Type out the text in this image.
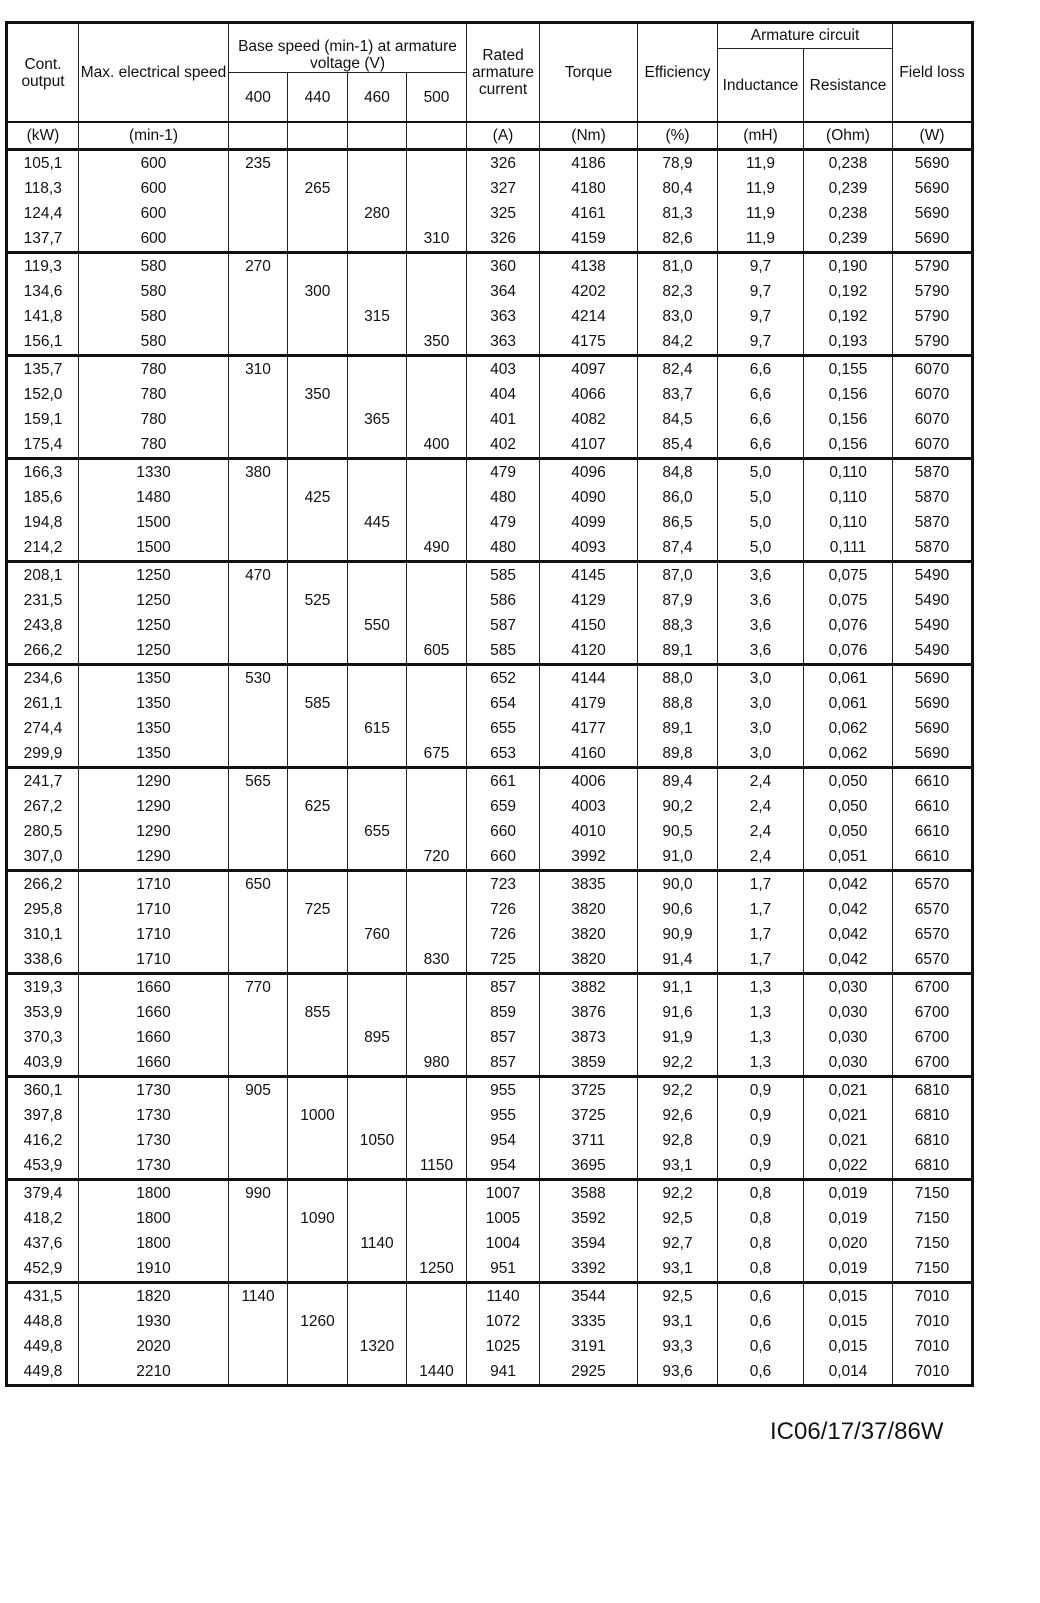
Cont. output	Max. electrical speed	Base speed (min-1) at armature voltage (V)				Rated armature current	Torque	Efficiency	Armature circuit		Field loss
									Inductance	Resistance	
		400	440	460	500						
(kW)	(min-1)					(A)	(Nm)	(%)	(mH)	(Ohm)	(W)
105,1	600	235				326	4186	78,9	11,9	0,238	5690
118,3	600		265			327	4180	80,4	11,9	0,239	5690
124,4	600			280		325	4161	81,3	11,9	0,238	5690
137,7	600				310	326	4159	82,6	11,9	0,239	5690
119,3	580	270				360	4138	81,0	9,7	0,190	5790
134,6	580		300			364	4202	82,3	9,7	0,192	5790
141,8	580			315		363	4214	83,0	9,7	0,192	5790
156,1	580				350	363	4175	84,2	9,7	0,193	5790
135,7	780	310				403	4097	82,4	6,6	0,155	6070
152,0	780		350			404	4066	83,7	6,6	0,156	6070
159,1	780			365		401	4082	84,5	6,6	0,156	6070
175,4	780				400	402	4107	85,4	6,6	0,156	6070
166,3	1330	380				479	4096	84,8	5,0	0,110	5870
185,6	1480		425			480	4090	86,0	5,0	0,110	5870
194,8	1500			445		479	4099	86,5	5,0	0,110	5870
214,2	1500				490	480	4093	87,4	5,0	0,111	5870
208,1	1250	470				585	4145	87,0	3,6	0,075	5490
231,5	1250		525			586	4129	87,9	3,6	0,075	5490
243,8	1250			550		587	4150	88,3	3,6	0,076	5490
266,2	1250				605	585	4120	89,1	3,6	0,076	5490
234,6	1350	530				652	4144	88,0	3,0	0,061	5690
261,1	1350		585			654	4179	88,8	3,0	0,061	5690
274,4	1350			615		655	4177	89,1	3,0	0,062	5690
299,9	1350				675	653	4160	89,8	3,0	0,062	5690
241,7	1290	565				661	4006	89,4	2,4	0,050	6610
267,2	1290		625			659	4003	90,2	2,4	0,050	6610
280,5	1290			655		660	4010	90,5	2,4	0,050	6610
307,0	1290				720	660	3992	91,0	2,4	0,051	6610
266,2	1710	650				723	3835	90,0	1,7	0,042	6570
295,8	1710		725			726	3820	90,6	1,7	0,042	6570
310,1	1710			760		726	3820	90,9	1,7	0,042	6570
338,6	1710				830	725	3820	91,4	1,7	0,042	6570
319,3	1660	770				857	3882	91,1	1,3	0,030	6700
353,9	1660		855			859	3876	91,6	1,3	0,030	6700
370,3	1660			895		857	3873	91,9	1,3	0,030	6700
403,9	1660				980	857	3859	92,2	1,3	0,030	6700
360,1	1730	905				955	3725	92,2	0,9	0,021	6810
397,8	1730		1000			955	3725	92,6	0,9	0,021	6810
416,2	1730			1050		954	3711	92,8	0,9	0,021	6810
453,9	1730				1150	954	3695	93,1	0,9	0,022	6810
379,4	1800	990				1007	3588	92,2	0,8	0,019	7150
418,2	1800		1090			1005	3592	92,5	0,8	0,019	7150
437,6	1800			1140		1004	3594	92,7	0,8	0,020	7150
452,9	1910				1250	951	3392	93,1	0,8	0,019	7150
431,5	1820	1140				1140	3544	92,5	0,6	0,015	7010
448,8	1930		1260			1072	3335	93,1	0,6	0,015	7010
449,8	2020			1320		1025	3191	93,3	0,6	0,015	7010
449,8	2210				1440	941	2925	93,6	0,6	0,014	7010
IC06/17/37/86W
